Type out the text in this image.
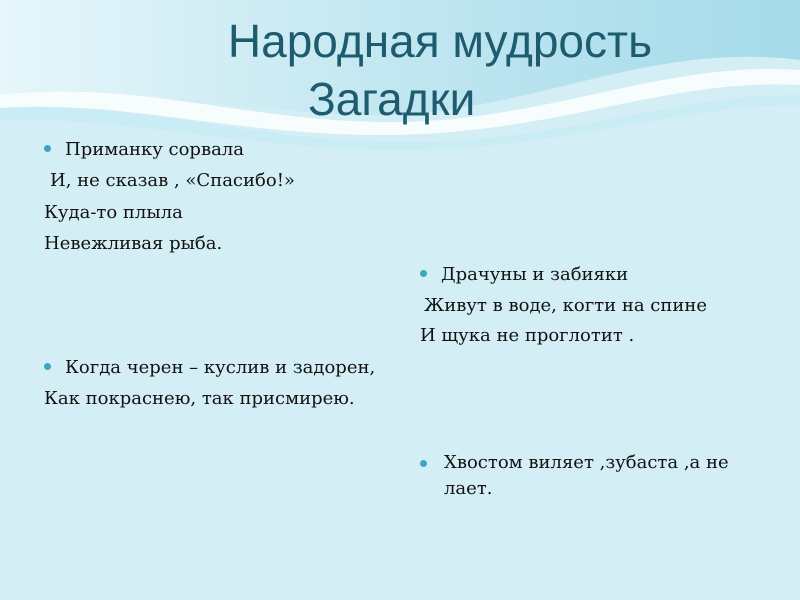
Народная мудрость
Загадки
Приманку сорвала
И, не сказав , «Спасибо!»
Куда-то плыла
Невежливая рыба.
Драчуны и забияки
Живут в воде, когти на спине
И щука не проглотит .
Когда черен – куслив и задорен,
Как покраснею, так присмирею.
Хвостом виляет ,зубаста ,а не лает.
